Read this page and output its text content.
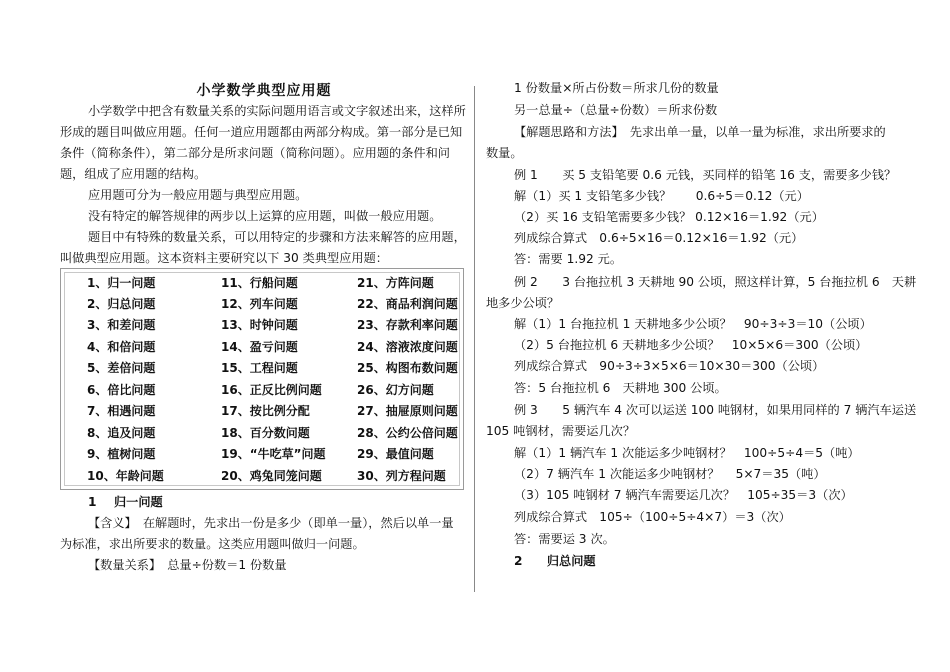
小学数学典型应用题
小学数学中把含有数量关系的实际问题用语言或文字叙述出来，这样所
形成的题目叫做应用题。任何一道应用题都由两部分构成。第一部分是已知
条件（简称条件），第二部分是所求问题（简称问题）。应用题的条件和问
题，组成了应用题的结构。
应用题可分为一般应用题与典型应用题。
没有特定的解答规律的两步以上运算的应用题，叫做一般应用题。
题目中有特殊的数量关系，可以用特定的步骤和方法来解答的应用题，
叫做典型应用题。这本资料主要研究以下 30 类典型应用题：
1、归一问题
2、归总问题
3、和差问题
4、和倍问题
5、差倍问题
6、倍比问题
7、相遇问题
8、追及问题
9、植树问题
10、年龄问题
11、行船问题
12、列车问题
13、时钟问题
14、盈亏问题
15、工程问题
16、正反比例问题
17、按比例分配
18、百分数问题
19、“牛吃草”问题
20、鸡兔同笼问题
21、方阵问题
22、商品利润问题
23、存款利率问题
24、溶液浓度问题
25、构图布数问题
26、幻方问题
27、抽屉原则问题
28、公约公倍问题
29、最值问题
30、列方程问题
1 归一问题
【含义】　在解题时，先求出一份是多少（即单一量），然后以单一量
为标准，求出所要求的数量。这类应用题叫做归一问题。
【数量关系】　总量÷份数＝1 份数量
1 份数量×所占份数＝所求几份的数量
另一总量÷（总量÷份数）＝所求份数
【解题思路和方法】　先求出单一量，以单一量为标准，求出所要求的
数量。
例 1　　买 5 支铅笔要 0.6 元钱，买同样的铅笔 16 支，需要多少钱？
解（1）买 1 支铅笔多少钱？　　0.6÷5＝0.12（元）
（2）买 16 支铅笔需要多少钱？ 0.12×16＝1.92（元）
列成综合算式　0.6÷5×16＝0.12×16＝1.92（元）
答：需要 1.92 元。
例 2　　3 台拖拉机 3 天耕地 90 公顷，照这样计算，5 台拖拉机 6　天耕
地多少公顷？
解（1）1 台拖拉机 1 天耕地多少公顷？　90÷3÷3＝10（公顷）
（2）5 台拖拉机 6 天耕地多少公顷？　10×5×6＝300（公顷）
列成综合算式　90÷3÷3×5×6＝10×30＝300（公顷）
答：5 台拖拉机 6　天耕地 300 公顷。
例 3　　5 辆汽车 4 次可以运送 100 吨钢材，如果用同样的 7 辆汽车运送
105 吨钢材，需要运几次？
解（1）1 辆汽车 1 次能运多少吨钢材？　100÷5÷4＝5（吨）
（2）7 辆汽车 1 次能运多少吨钢材？　 5×7＝35（吨）
（3）105 吨钢材 7 辆汽车需要运几次？　105÷35＝3（次）
列成综合算式　105÷（100÷5÷4×7）＝3（次）
答：需要运 3 次。
2　　归总问题
